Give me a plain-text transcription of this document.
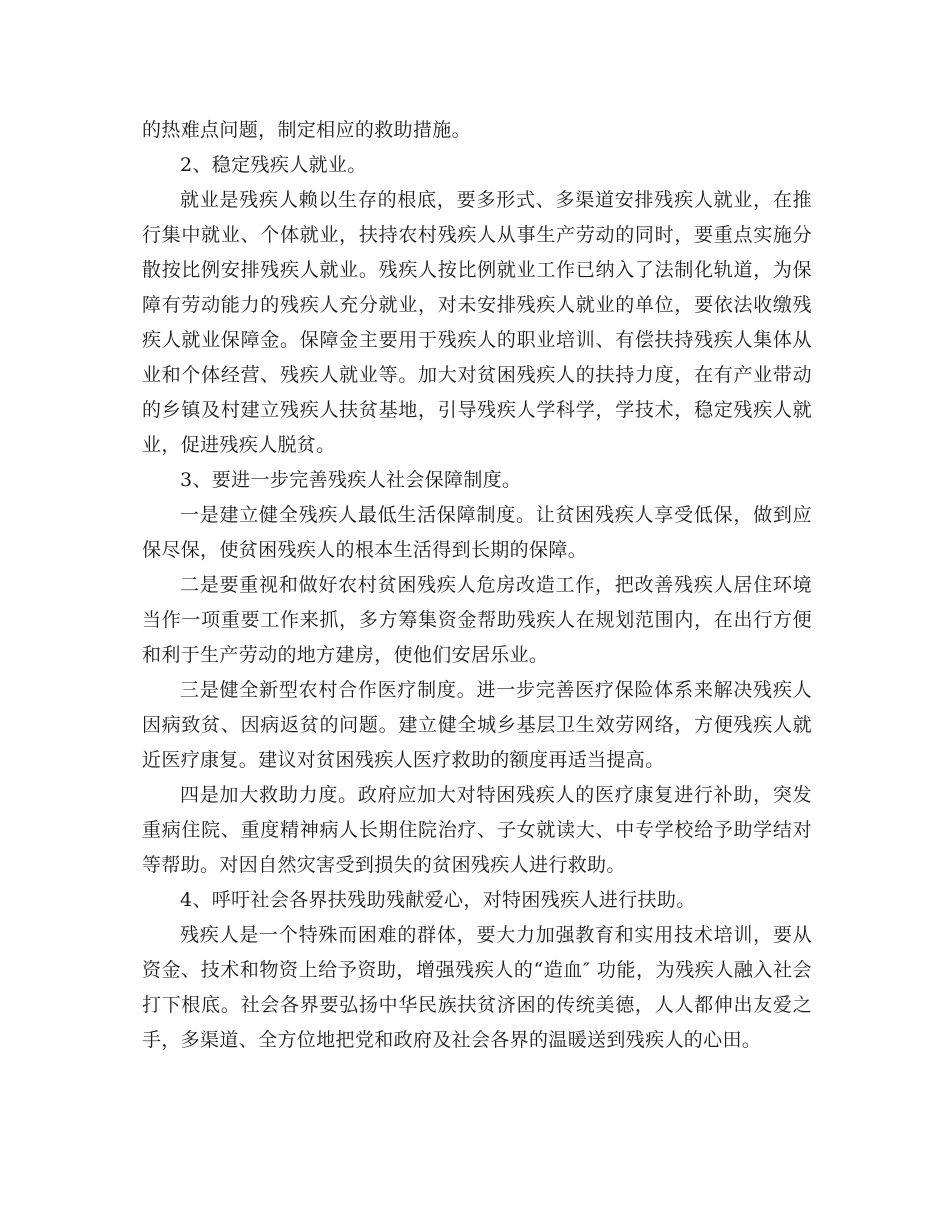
的热难点问题，制定相应的救助措施。

2、稳定残疾人就业。

就业是残疾人赖以生存的根底，要多形式、多渠道安排残疾人就业，在推行集中就业、个体就业，扶持农村残疾人从事生产劳动的同时，要重点实施分散按比例安排残疾人就业。残疾人按比例就业工作已纳入了法制化轨道，为保障有劳动能力的残疾人充分就业，对未安排残疾人就业的单位，要依法收缴残疾人就业保障金。保障金主要用于残疾人的职业培训、有偿扶持残疾人集体从业和个体经营、残疾人就业等。加大对贫困残疾人的扶持力度，在有产业带动的乡镇及村建立残疾人扶贫基地，引导残疾人学科学，学技术，稳定残疾人就业，促进残疾人脱贫。

3、要进一步完善残疾人社会保障制度。

一是建立健全残疾人最低生活保障制度。让贫困残疾人享受低保，做到应保尽保，使贫困残疾人的根本生活得到长期的保障。

二是要重视和做好农村贫困残疾人危房改造工作，把改善残疾人居住环境当作一项重要工作来抓，多方筹集资金帮助残疾人在规划范围内，在出行方便和利于生产劳动的地方建房，使他们安居乐业。

三是健全新型农村合作医疗制度。进一步完善医疗保险体系来解决残疾人因病致贫、因病返贫的问题。建立健全城乡基层卫生效劳网络，方便残疾人就近医疗康复。建议对贫困残疾人医疗救助的额度再适当提高。

四是加大救助力度。政府应加大对特困残疾人的医疗康复进行补助，突发重病住院、重度精神病人长期住院治疗、子女就读大、中专学校给予助学结对等帮助。对因自然灾害受到损失的贫困残疾人进行救助。

4、呼吁社会各界扶残助残献爱心，对特困残疾人进行扶助。

残疾人是一个特殊而困难的群体，要大力加强教育和实用技术培训，要从资金、技术和物资上给予资助，增强残疾人的“造血″ 功能，为残疾人融入社会打下根底。社会各界要弘扬中华民族扶贫济困的传统美德，人人都伸出友爱之手，多渠道、全方位地把党和政府及社会各界的温暖送到残疾人的心田。
